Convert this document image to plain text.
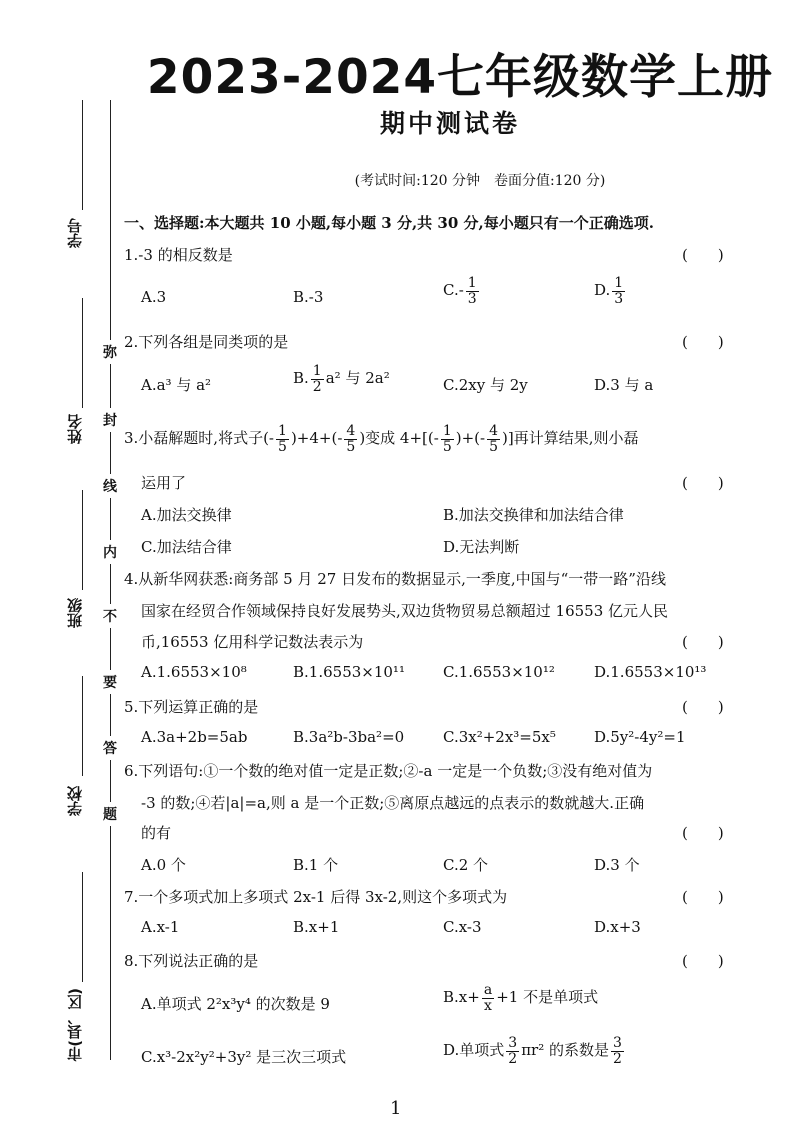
学号
姓名
班级
学校
市(县、区)
弥
封
线
内
不
要
答
题
2023-2024七年级数学上册
期中测试卷
(考试时间:120 分钟　卷面分值:120 分)
一、选择题:本大题共 10 小题,每小题 3 分,共 30 分,每小题只有一个正确选项.
1.-3 的相反数是	(　　)
A.3	B.-3	$C.- \frac{1}{3}$	D. $\frac{1}{3}$
2.下列各组是同类项的是	(　　)
A.a³ 与 a²	B. $\frac{1}{2} a^2$ 与 2a²	C.2xy 与 2y	D.3 与 a
3.小磊解题时,将式子(- $\frac{1}{5} )+4+(- \frac{4}{5}$ )变成 $4+[(- \frac{1}{5}$ )+(- $\frac{4}{5}$ )]再计算结果,则小磊
运用了	(　　)
A.加法交换律	B.加法交换律和加法结合律
C.加法结合律	D.无法判断
4.从新华网获悉:商务部 5 月 27 日发布的数据显示,一季度,中国与“一带一路”沿线
国家在经贸合作领域保持良好发展势头,双边货物贸易总额超过 16553 亿元人民
币,16553 亿用科学记数法表示为	(　　)
A.1.6553×10⁸	B.1.6553×10¹¹	C.1.6553×10¹²	D.1.6553×10¹³
5.下列运算正确的是	(　　)
A.3a+2b=5ab	B.3a²b-3ba²=0	C.3x²+2x³=5x⁵	D.5y²-4y²=1
6.下列语句:①一个数的绝对值一定是正数;②-a 一定是一个负数;③没有绝对值为
-3 的数;④若|a|=a,则 a 是一个正数;⑤离原点越远的点表示的数就越大.正确
的有	(　　)
A.0 个	B.1 个	C.2 个	D.3 个
7.一个多项式加上多项式 2x-1 后得 3x-2,则这个多项式为	(　　)
A.x-1	B.x+1	C.x-3	D.x+3
8.下列说法正确的是	(　　)
A.单项式 2²x³y⁴ 的次数是 9	$B.x+ \frac{a}{x} +1$ 不是单项式
C.x³-2x²y²+3y² 是三次三项式	D.单项式 $\frac{3}{2} \pi r^2$ 的系数是 $\frac{3}{2}$
1
